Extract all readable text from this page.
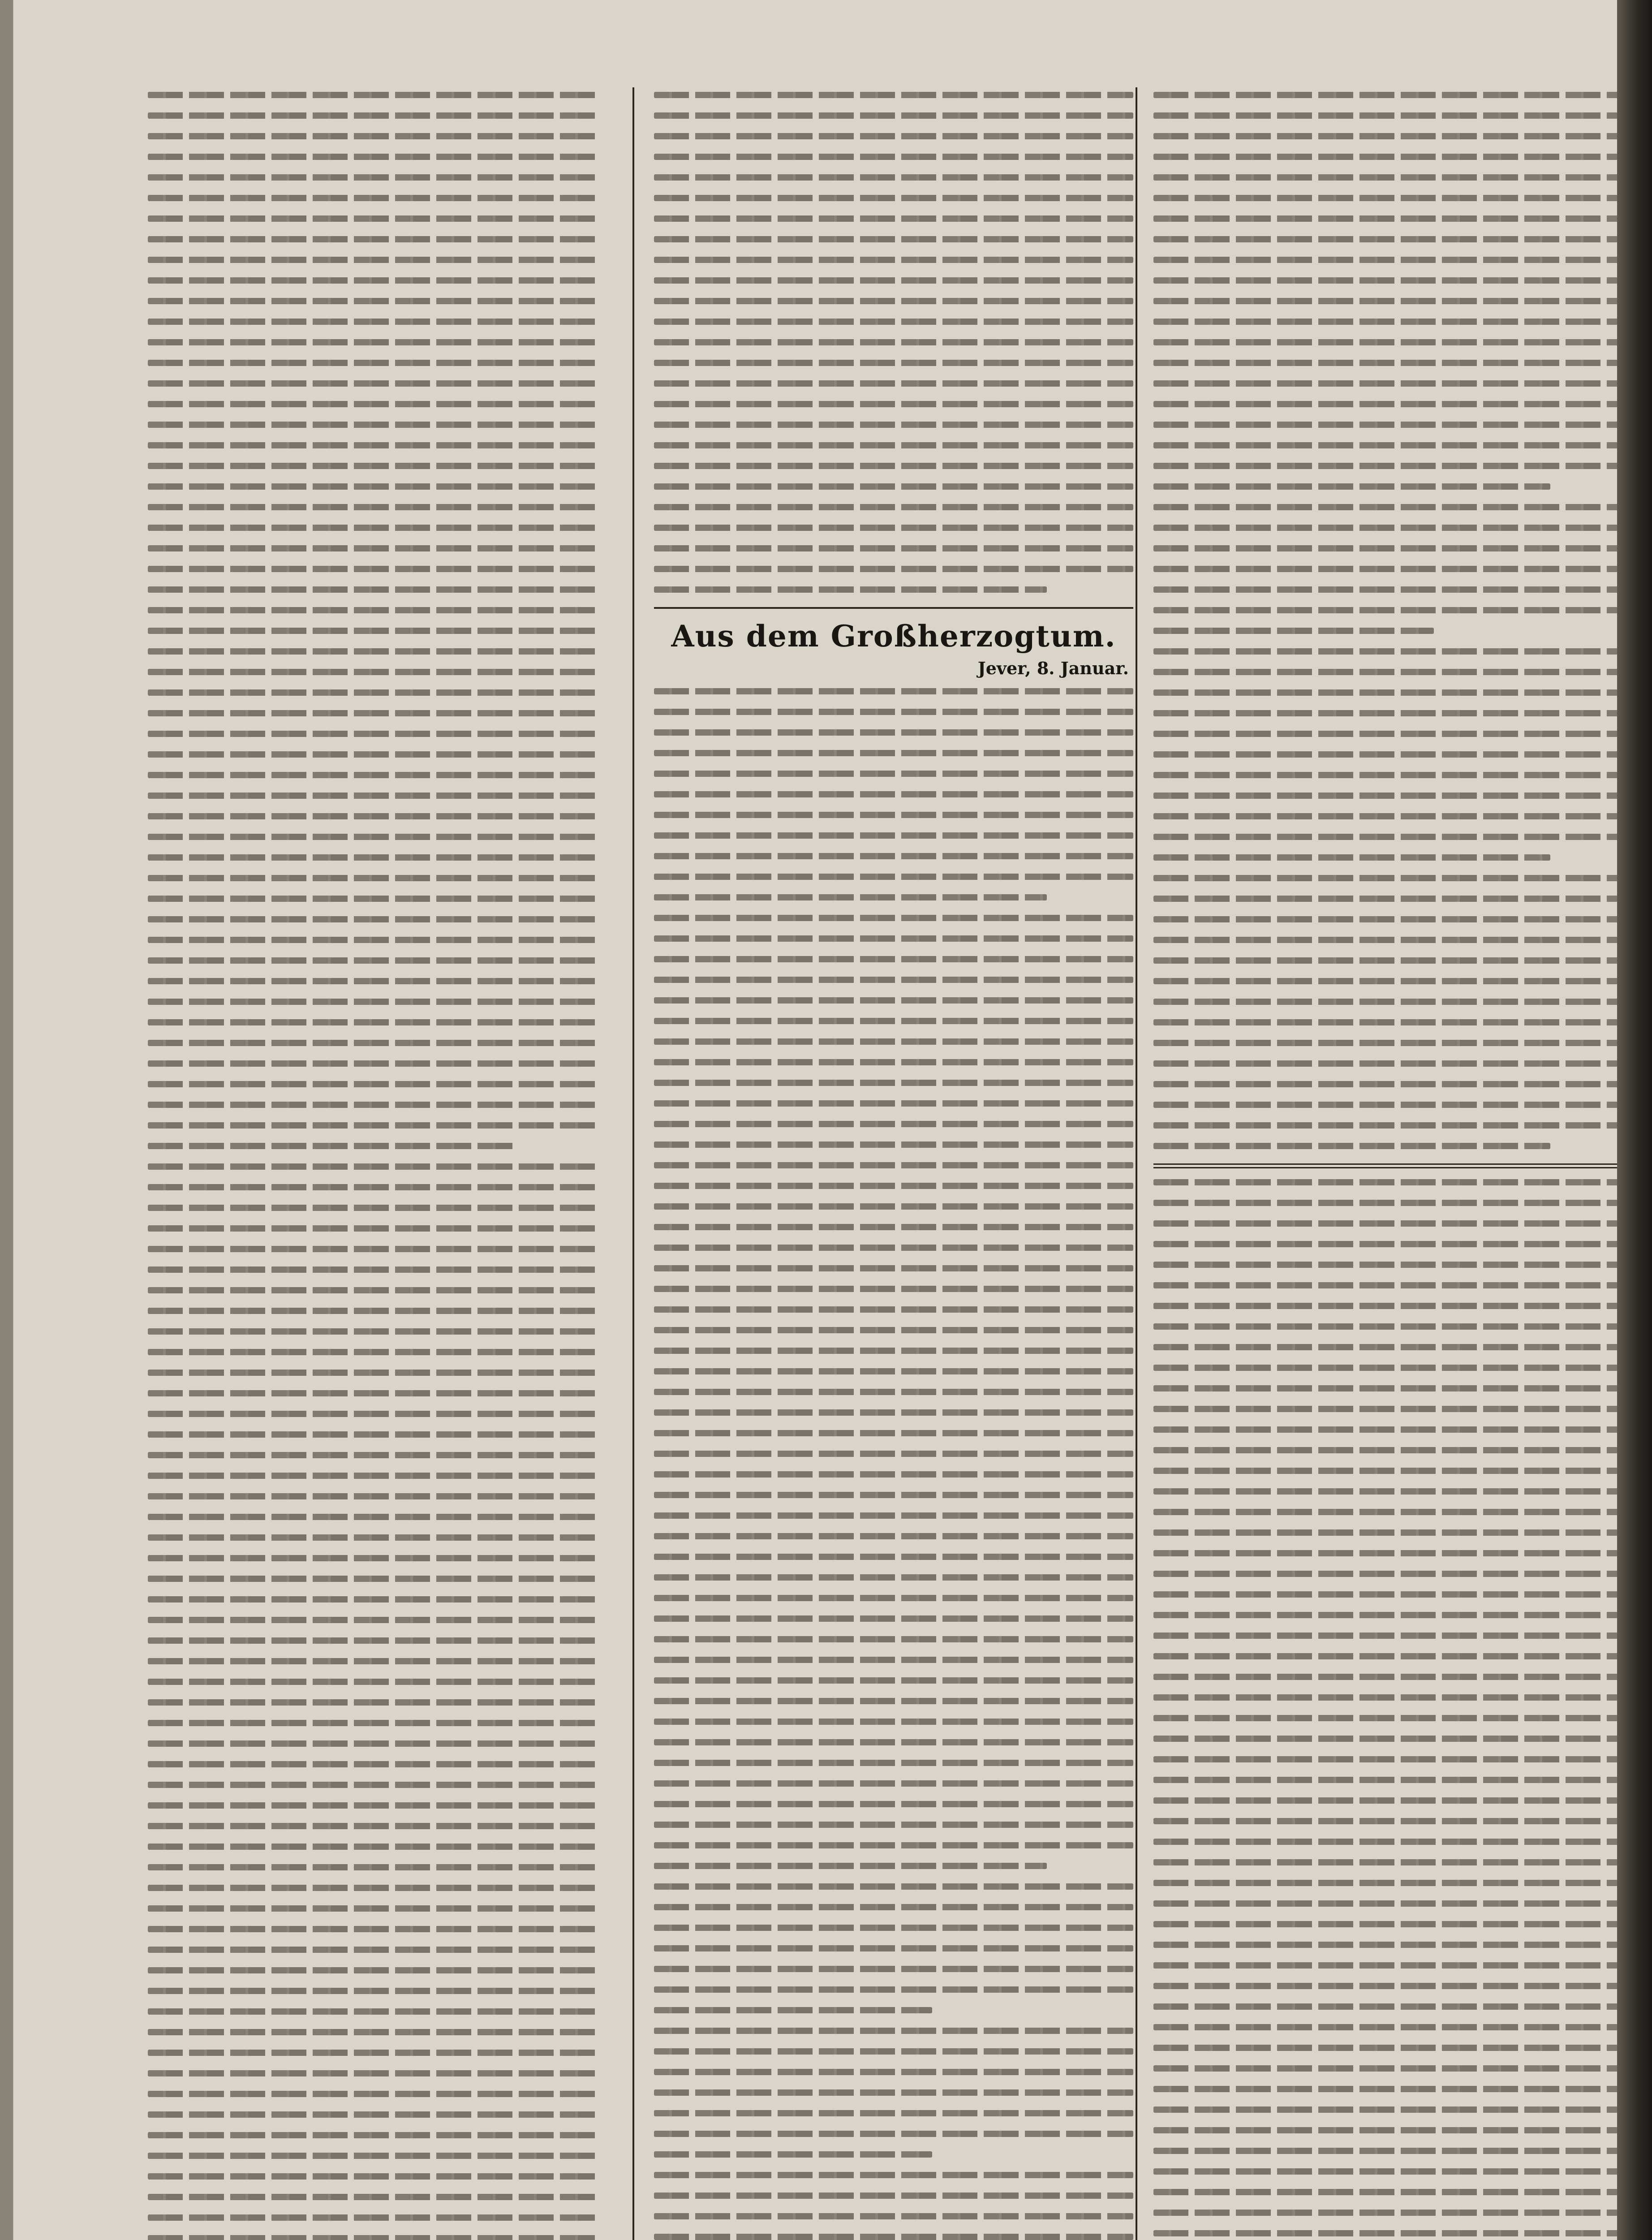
Aus dem Großherzogtum.
Jever, 8. Januar.
